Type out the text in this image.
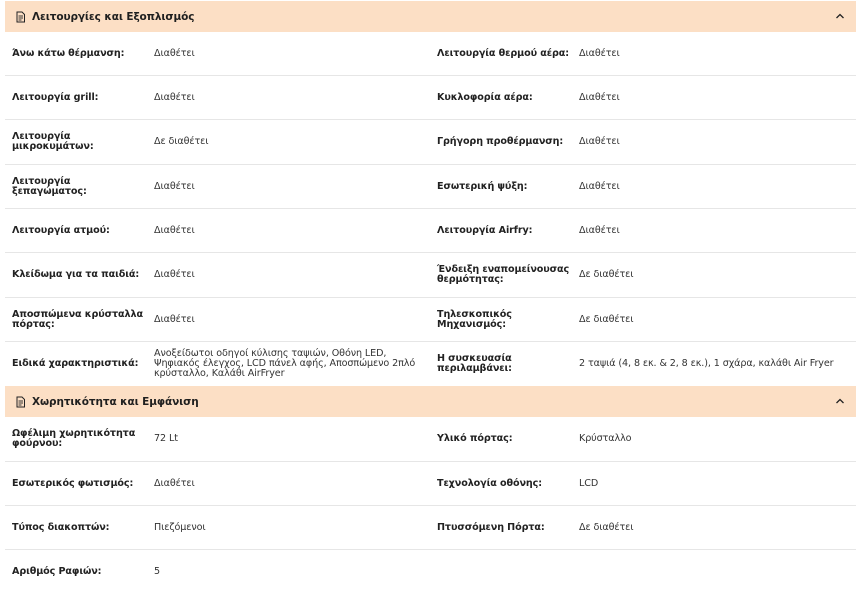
Λειτουργίες και Εξοπλισμός
Άνω κάτω θέρμανση:	Διαθέτει	Λειτουργία θερμού αέρα:	Διαθέτει
Λειτουργία grill:	Διαθέτει	Κυκλοφορία αέρα:	Διαθέτει
Λειτουργία μικροκυμάτων:	Δε διαθέτει	Γρήγορη προθέρμανση:	Διαθέτει
Λειτουργία ξεπαγώματος:	Διαθέτει	Εσωτερική ψύξη:	Διαθέτει
Λειτουργία ατμού:	Διαθέτει	Λειτουργία Airfry:	Διαθέτει
Κλείδωμα για τα παιδιά:	Διαθέτει	Ένδειξη εναπομείνουσας θερμότητας:	Δε διαθέτει
Αποσπώμενα κρύσταλλα πόρτας:	Διαθέτει	Τηλεσκοπικός Μηχανισμός:	Δε διαθέτει
Ειδικά χαρακτηριστικά:
Ανοξείδωτοι οδηγοί κύλισης ταψιών, Οθόνη LED, Ψηφιακός έλεγχος, LCD πάνελ αφής, Αποσπώμενο 2πλό κρύσταλλο, Καλάθι AirFryer
Η συσκευασία περιλαμβάνει:	2 ταψιά (4, 8 εκ. & 2, 8 εκ.), 1 σχάρα, καλάθι Air Fryer
Χωρητικότητα και Εμφάνιση
Ωφέλιμη χωρητικότητα φούρνου:	72 Lt	Υλικό πόρτας:	Κρύσταλλο
Εσωτερικός φωτισμός:	Διαθέτει	Τεχνολογία οθόνης:	LCD
Τύπος διακοπτών:	Πιεζόμενοι	Πτυσσόμενη Πόρτα:	Δε διαθέτει
Αριθμός Ραφιών:	5
